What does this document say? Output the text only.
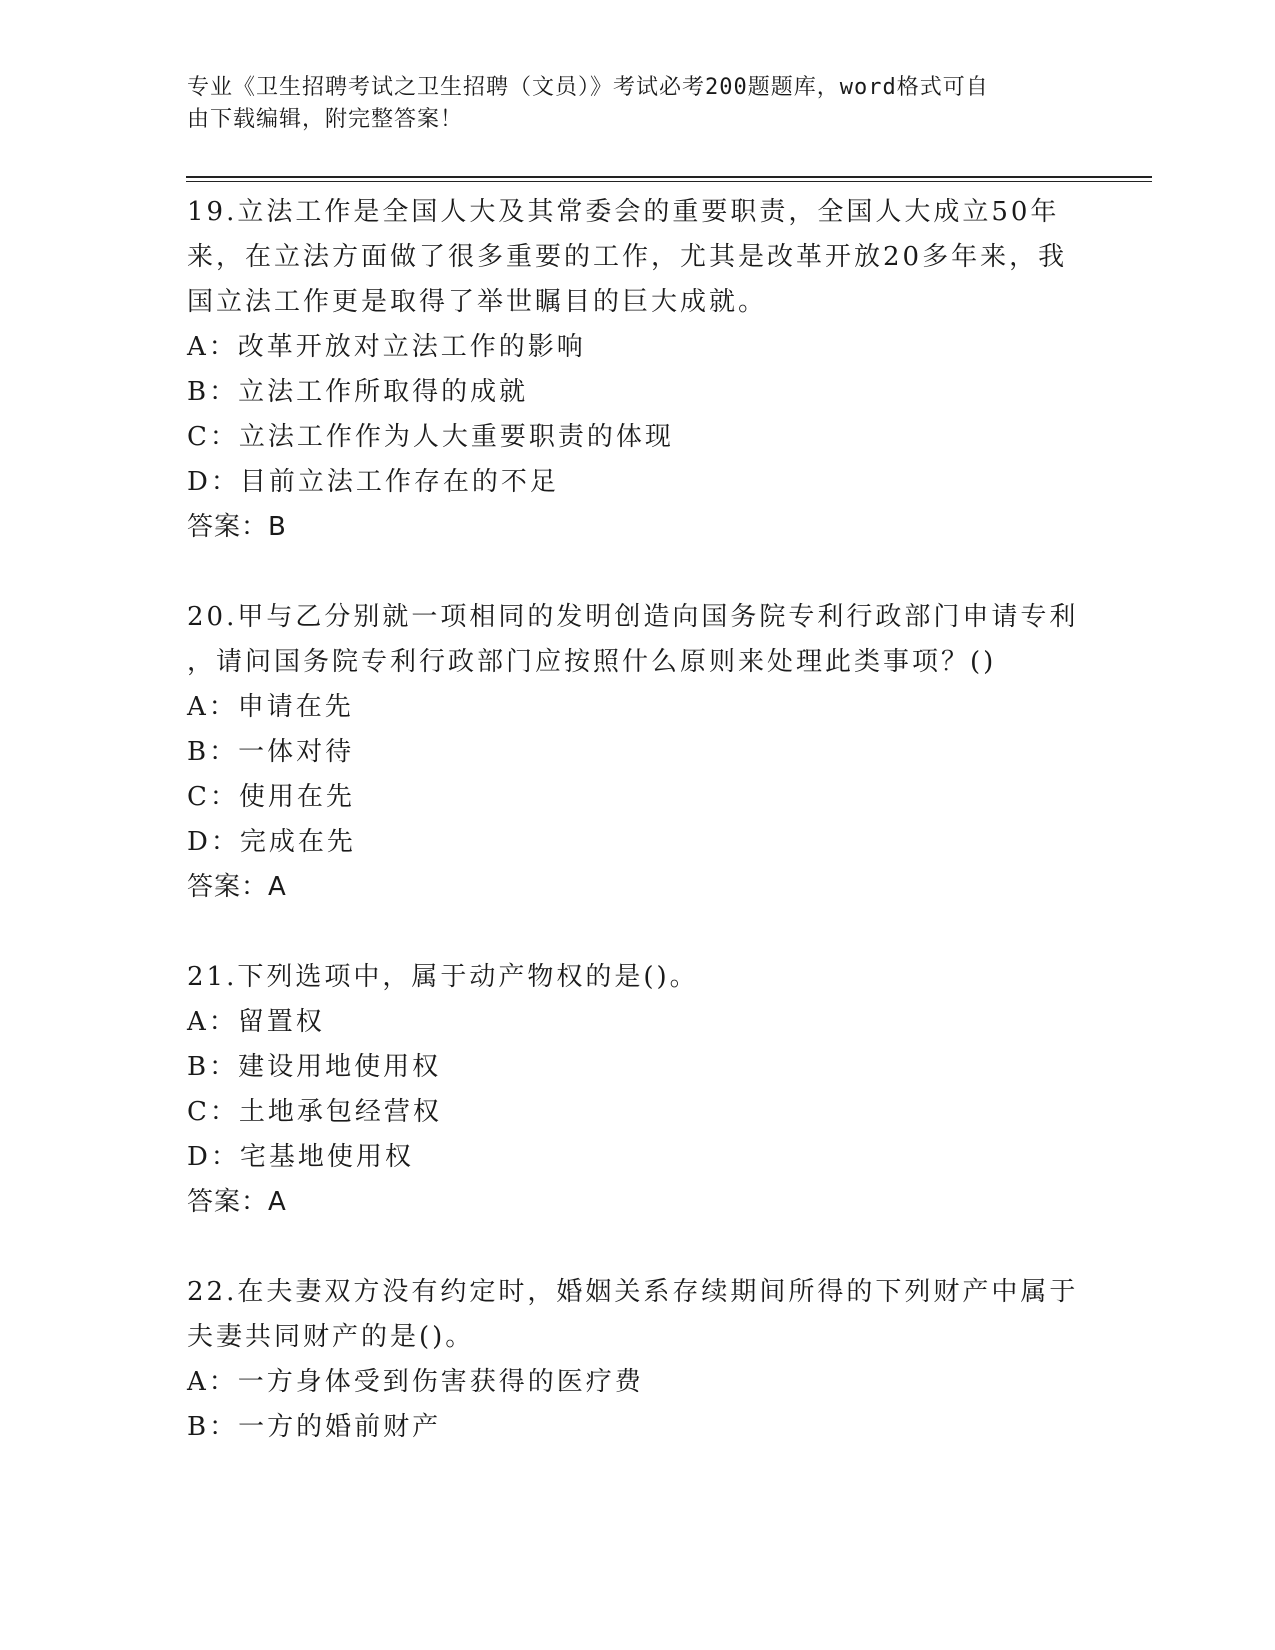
专业《卫生招聘考试之卫生招聘（文员）》考试必考200题题库，word格式可自
由下载编辑，附完整答案！
19.立法工作是全国人大及其常委会的重要职责，全国人大成立50年
来，在立法方面做了很多重要的工作，尤其是改革开放20多年来，我
国立法工作更是取得了举世瞩目的巨大成就。
A：改革开放对立法工作的影响
B：立法工作所取得的成就
C：立法工作作为人大重要职责的体现
D：目前立法工作存在的不足
答案：B
20.甲与乙分别就一项相同的发明创造向国务院专利行政部门申请专利
，请问国务院专利行政部门应按照什么原则来处理此类事项？()
A：申请在先
B：一体对待
C：使用在先
D：完成在先
答案：A
21.下列选项中，属于动产物权的是()。
A：留置权
B：建设用地使用权
C：土地承包经营权
D：宅基地使用权
答案：A
22.在夫妻双方没有约定时，婚姻关系存续期间所得的下列财产中属于
夫妻共同财产的是()。
A：一方身体受到伤害获得的医疗费
B：一方的婚前财产
